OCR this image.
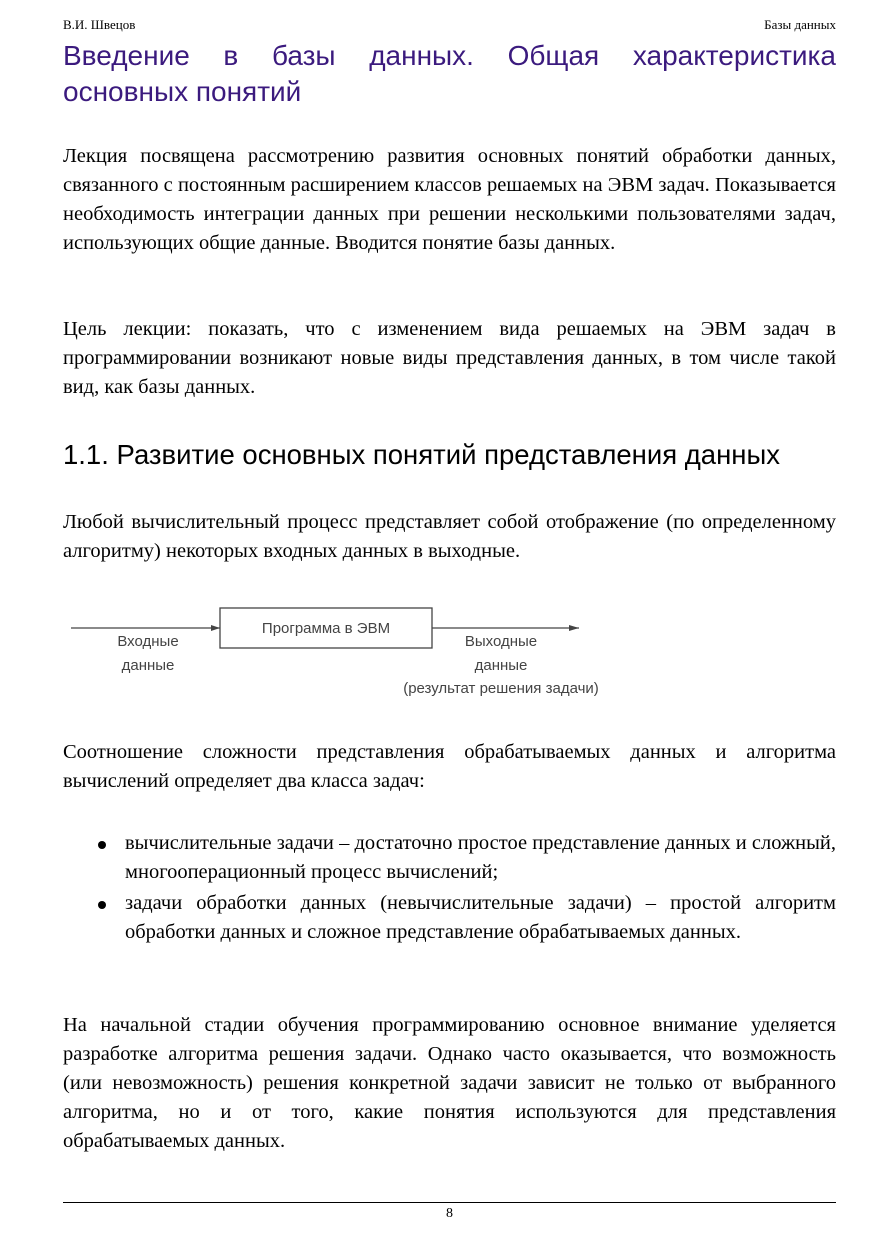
В.И. Швецов	Базы данных
Введение в базы данных. Общая характеристика основных понятий

Лекция посвящена рассмотрению развития основных понятий обработки данных, связанного с постоянным расширением классов решаемых на ЭВМ задач. Показывается необходимость интеграции данных при решении несколькими пользователями задач, использующих общие данные. Вводится понятие базы данных.

Цель лекции: показать, что с изменением вида решаемых на ЭВМ задач в программировании возникают новые виды представления данных, в том числе такой вид, как базы данных.

1.1. Развитие основных понятий представления данных

Любой вычислительный процесс представляет собой отображение (по определенному алгоритму) некоторых входных данных в выходные.

Программа в ЭВМ
Входные
данные
Выходные
данные
(результат решения задачи)

Соотношение сложности представления обрабатываемых данных и алгоритма вычислений определяет два класса задач:

вычислительные задачи – достаточно простое представление данных и сложный, многооперационный процесс вычислений;
задачи обработки данных (невычислительные задачи) – простой алгоритм обработки данных и сложное представление обрабатываемых данных.

На начальной стадии обучения программированию основное внимание уделяется разработке алгоритма решения задачи. Однако часто оказывается, что возможность (или невозможность) решения конкретной задачи зависит не только от выбранного алгоритма, но и от того, какие понятия используются для представления обрабатываемых данных.

8
